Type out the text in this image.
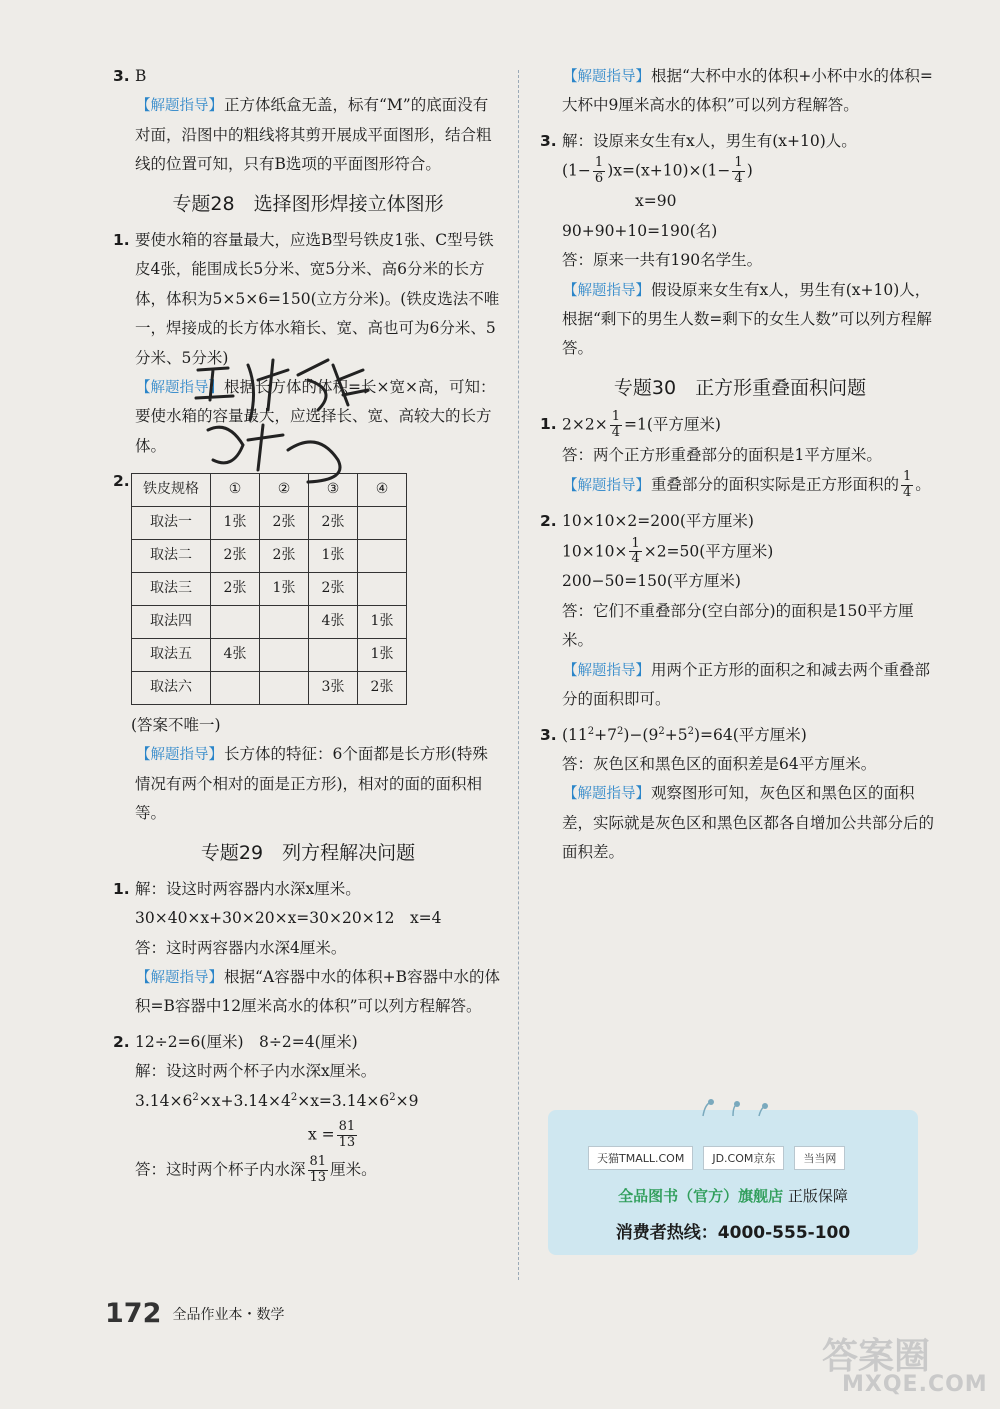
3. B

【解题指导】正方体纸盒无盖，标有“M”的底面没有对面，沿图中的粗线将其剪开展成平面图形，结合粗线的位置可知，只有B选项的平面图形符合。

专题28　选择图形焊接立体图形

1. 要使水箱的容量最大，应选B型号铁皮1张、C型号铁皮4张，能围成长5分米、宽5分米、高6分米的长方体，体积为5×5×6=150(立方分米)。(铁皮选法不唯一，焊接成的长方体水箱长、宽、高也可为6分米、5分米、5分米)

【解题指导】根据长方体的体积=长×宽×高，可知：要使水箱的容量最大，应选择长、宽、高较大的长方体。

2. 铁皮规格	①	②	③	④
取法一	1张	2张	2张	
取法二	2张	2张	1张	
取法三	2张	1张	2张	
取法四			4张	1张
取法五	4张			1张
取法六			3张	2张

(答案不唯一)

【解题指导】长方体的特征：6个面都是长方形(特殊情况有两个相对的面是正方形)，相对的面的面积相等。

专题29　列方程解决问题

1. 解：设这时两容器内水深x厘米。

30×40×x+30×20×x=30×20×12　x=4

答：这时两容器内水深4厘米。

【解题指导】根据“A容器中水的体积+B容器中水的体积=B容器中12厘米高水的体积”可以列方程解答。

2. 12÷2=6(厘米)　8÷2=4(厘米)

解：设这时两个杯子内水深x厘米。

$3.14\times 6^2\times x+3.14\times 4^2\times x=3.14\times 6^2\times 9$

$x = \frac{81}{13}$

答：这时两个杯子内水深 $\frac{81}{13}$ 厘米。

【解题指导】根据“大杯中水的体积+小杯中水的体积=大杯中9厘米高水的体积”可以列方程解答。

3. 解：设原来女生有x人，男生有(x+10)人。

$(1- \frac{1}{6} )x=(x+10)\times(1- \frac{1}{4}$ )

x=90

90+90+10=190(名)

答：原来一共有190名学生。

【解题指导】假设原来女生有x人，男生有(x+10)人，根据“剩下的男生人数=剩下的女生人数”可以列方程解答。

专题30　正方形重叠面积问题

1. $2\times 2\times \frac{1}{4} =1$(平方厘米)

答：两个正方形重叠部分的面积是1平方厘米。

【解题指导】重叠部分的面积实际是正方形面积的 $\frac{1}{4}$ 。

2. 10×10×2=200(平方厘米)

$10\times 10\times \frac{1}{4} \times 2=50$(平方厘米)

200−50=150(平方厘米)

答：它们不重叠部分(空白部分)的面积是150平方厘米。

【解题指导】用两个正方形的面积之和减去两个重叠部分的面积即可。

3. $(11^2+7^2)-(9^2+5^2)=64$(平方厘米)

答：灰色区和黑色区的面积差是64平方厘米。

【解题指导】观察图形可知，灰色区和黑色区的面积差，实际就是灰色区和黑色区都各自增加公共部分后的面积差。

天猫TMALL.COM	JD.COM京东	当当网
全品图书（官方）旗舰店 正版保障
消费者热线：4000-555-100
172 全品作业本・数学
答案圈
MXQE.COM
